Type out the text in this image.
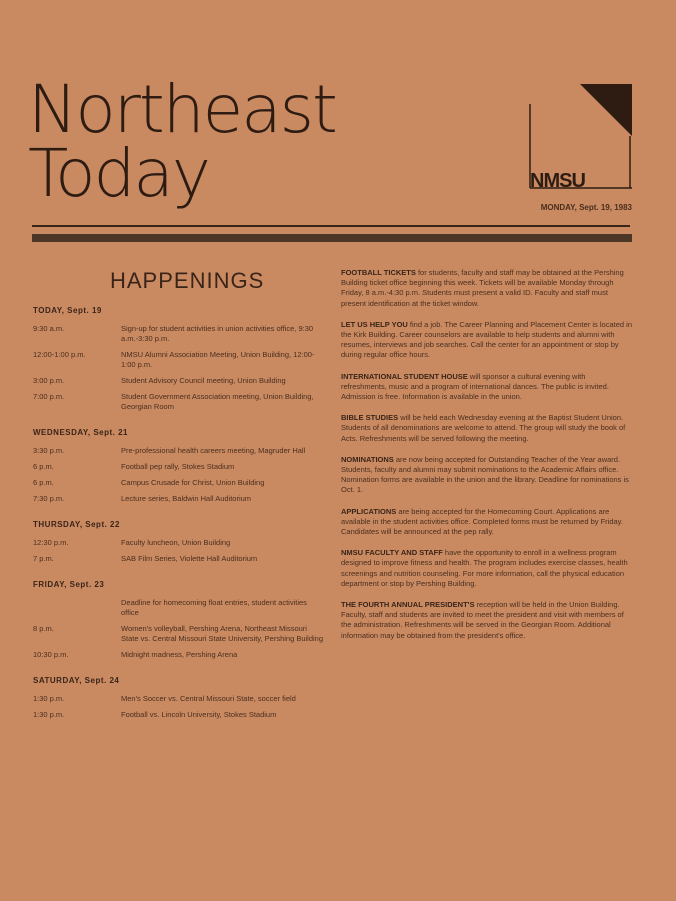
Northeast
Today	NMSU
MONDAY, Sept. 19, 1983
HAPPENINGS
TODAY, Sept. 19
9:30 a.m.	Sign-up for student activities in union activities office, 9:30 a.m.-3:30 p.m.
12:00-1:00 p.m.	NMSU Alumni Association Meeting, Union Building, 12:00-1:00 p.m.
3:00 p.m.	Student Advisory Council meeting, Union Building
7:00 p.m.	Student Government Association meeting, Union Building, Georgian Room
WEDNESDAY, Sept. 21
3:30 p.m.	Pre-professional health careers meeting, Magruder Hall
6 p.m.	Football pep rally, Stokes Stadium
6 p.m.	Campus Crusade for Christ, Union Building
7:30 p.m.	Lecture series, Baldwin Hall Auditorium
THURSDAY, Sept. 22
12:30 p.m.	Faculty luncheon, Union Building
7 p.m.	SAB Film Series, Violette Hall Auditorium
FRIDAY, Sept. 23
Deadline for homecoming float entries, student activities office
8 p.m.	Women's volleyball, Pershing Arena, Northeast Missouri State vs. Central Missouri State University, Pershing Building
10:30 p.m.	Midnight madness, Pershing Arena
SATURDAY, Sept. 24
1:30 p.m.	Men's Soccer vs. Central Missouri State, soccer field
1:30 p.m.	Football vs. Lincoln University, Stokes Stadium
FOOTBALL TICKETS for students, faculty and staff may be obtained at the Pershing Building ticket office beginning this week. Tickets will be available Monday through Friday, 8 a.m.-4:30 p.m. Students must present a valid ID. Faculty and staff must present identification at the ticket window.
LET US HELP YOU find a job. The Career Planning and Placement Center is located in the Kirk Building. Career counselors are available to help students and alumni with resumes, interviews and job searches. Call the center for an appointment or stop by during regular office hours.
INTERNATIONAL STUDENT HOUSE will sponsor a cultural evening with refreshments, music and a program of international dances. The public is invited. Admission is free. Information is available in the union.
BIBLE STUDIES will be held each Wednesday evening at the Baptist Student Union. Students of all denominations are welcome to attend. The group will study the book of Acts. Refreshments will be served following the meeting.
NOMINATIONS are now being accepted for Outstanding Teacher of the Year award. Students, faculty and alumni may submit nominations to the Academic Affairs office. Nomination forms are available in the union and the library. Deadline for nominations is Oct. 1.
APPLICATIONS are being accepted for the Homecoming Court. Applications are available in the student activities office. Completed forms must be returned by Friday. Candidates will be announced at the pep rally.
NMSU FACULTY AND STAFF have the opportunity to enroll in a wellness program designed to improve fitness and health. The program includes exercise classes, health screenings and nutrition counseling. For more information, call the physical education department or stop by Pershing Building.
THE FOURTH ANNUAL PRESIDENT'S reception will be held in the Union Building. Faculty, staff and students are invited to meet the president and visit with members of the administration. Refreshments will be served in the Georgian Room. Additional information may be obtained from the president's office.
